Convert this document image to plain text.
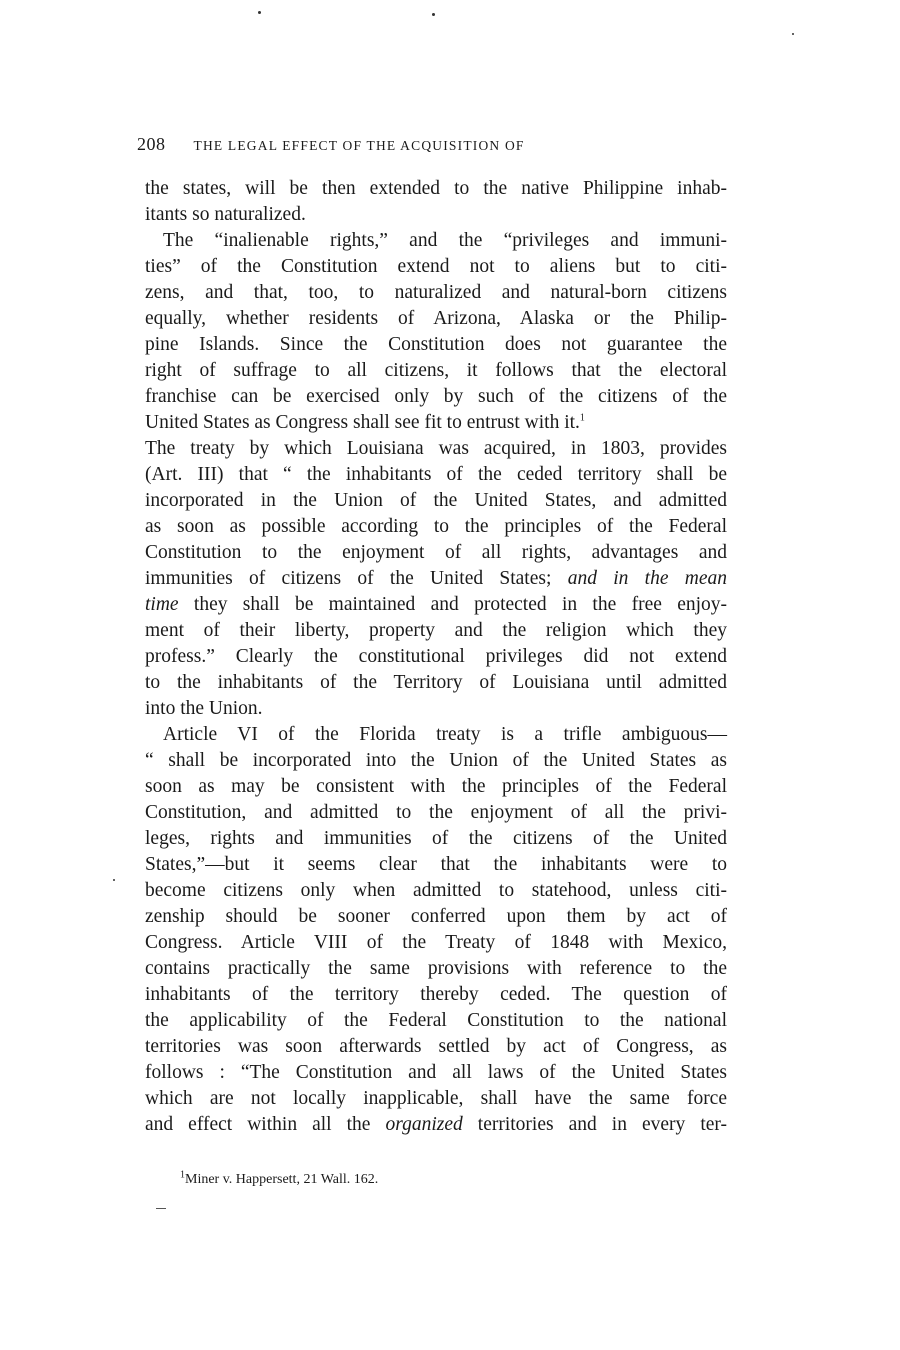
208 THE LEGAL EFFECT OF THE ACQUISITION OF
the states, will be then extended to the native Philippine inhab-
itants so naturalized.
The “inalienable rights,” and the “privileges and immuni-
ties” of the Constitution extend not to aliens but to citi-
zens, and that, too, to naturalized and natural-born citizens
equally, whether residents of Arizona, Alaska or the Philip-
pine Islands. Since the Constitution does not guarantee the
right of suffrage to all citizens, it follows that the electoral
franchise can be exercised only by such of the citizens of the
United States as Congress shall see fit to entrust with it.$^1$
The treaty by which Louisiana was acquired, in 1803, provides
(Art. III) that “ the inhabitants of the ceded territory shall be
incorporated in the Union of the United States, and admitted
as soon as possible according to the principles of the Federal
Constitution to the enjoyment of all rights, advantages and
immunities of citizens of the United States; and in the mean
time they shall be maintained and protected in the free enjoy-
ment of their liberty, property and the religion which they
profess.” Clearly the constitutional privileges did not extend
to the inhabitants of the Territory of Louisiana until admitted
into the Union.
Article VI of the Florida treaty is a trifle ambiguous—
“ shall be incorporated into the Union of the United States as
soon as may be consistent with the principles of the Federal
Constitution, and admitted to the enjoyment of all the privi-
leges, rights and immunities of the citizens of the United
States,”—but it seems clear that the inhabitants were to
become citizens only when admitted to statehood, unless citi-
zenship should be sooner conferred upon them by act of
Congress. Article VIII of the Treaty of 1848 with Mexico,
contains practically the same provisions with reference to the
inhabitants of the territory thereby ceded. The question of
the applicability of the Federal Constitution to the national
territories was soon afterwards settled by act of Congress, as
follows : “The Constitution and all laws of the United States
which are not locally inapplicable, shall have the same force
and effect within all the organized territories and in every ter-
$^1$Miner v. Happersett, 21 Wall. 162.
